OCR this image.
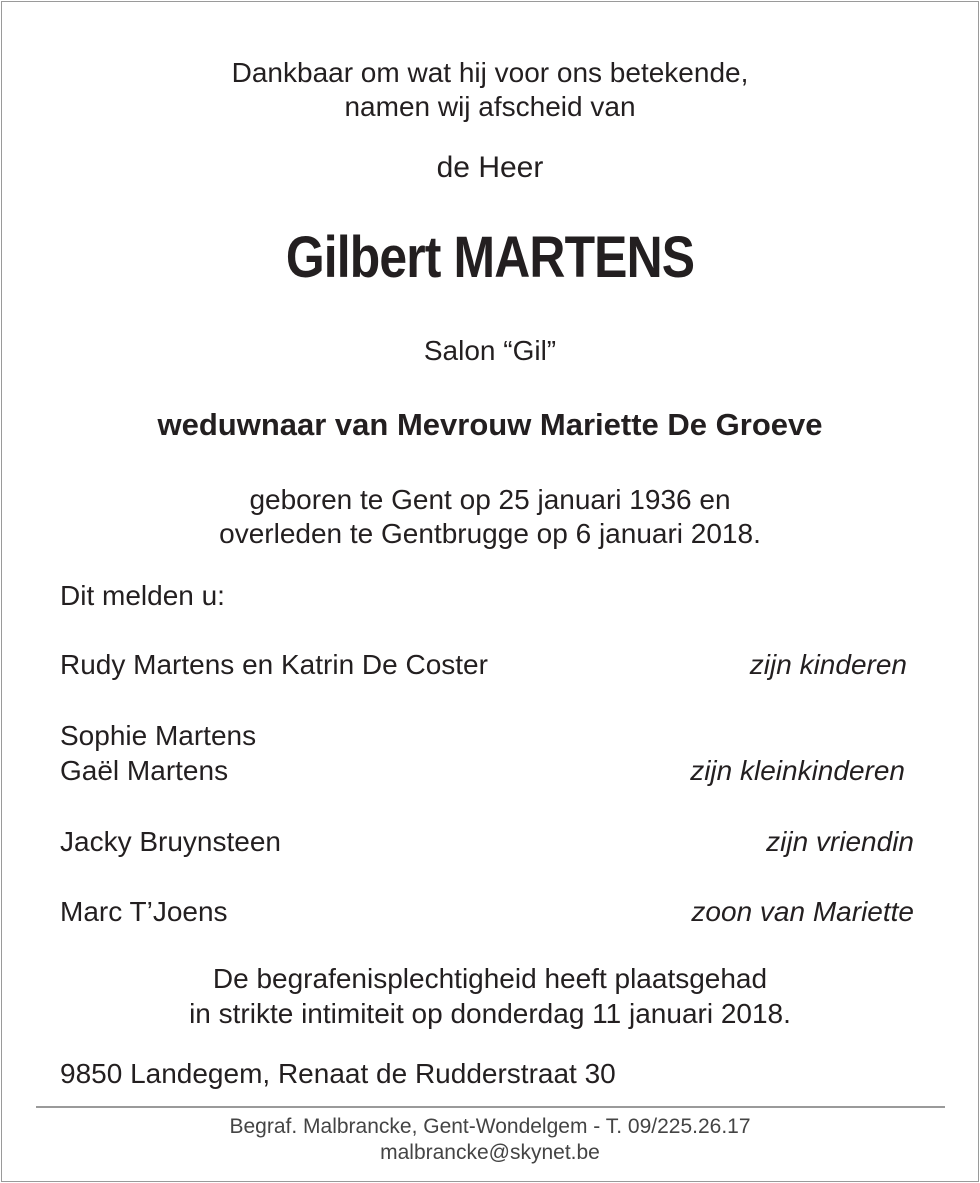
Dankbaar om wat hij voor ons betekende,
namen wij afscheid van
de Heer
Gilbert MARTENS
Salon “Gil”
weduwnaar van Mevrouw Mariette De Groeve
geboren te Gent op 25 januari 1936 en
overleden te Gentbrugge op 6 januari 2018.
Dit melden u:
Rudy Martens en Katrin De Coster	zijn kinderen
Sophie Martens
Gaël Martens	zijn kleinkinderen
Jacky Bruynsteen	zijn vriendin
Marc T’Joens	zoon van Mariette
De begrafenisplechtigheid heeft plaatsgehad
in strikte intimiteit op donderdag 11 januari 2018.
9850 Landegem, Renaat de Rudderstraat 30
Begraf. Malbrancke, Gent-Wondelgem - T. 09/225.26.17
malbrancke@skynet.be
